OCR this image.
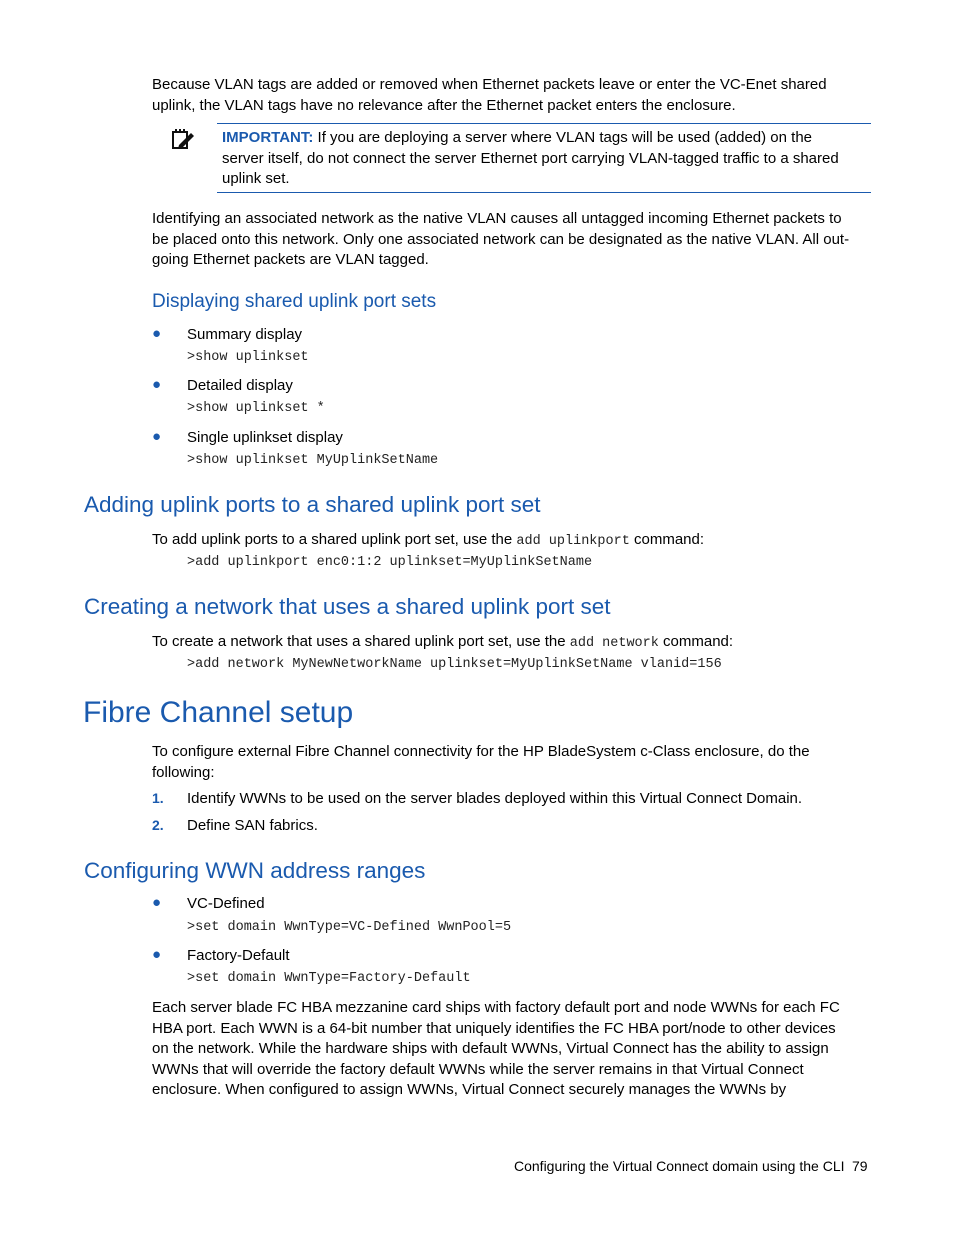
Because VLAN tags are added or removed when Ethernet packets leave or enter the VC-Enet shared
uplink, the VLAN tags have no relevance after the Ethernet packet enters the enclosure.
IMPORTANT: If you are deploying a server where VLAN tags will be used (added) on the
server itself, do not connect the server Ethernet port carrying VLAN-tagged traffic to a shared
uplink set.
Identifying an associated network as the native VLAN causes all untagged incoming Ethernet packets to
be placed onto this network. Only one associated network can be designated as the native VLAN. All out-
going Ethernet packets are VLAN tagged.
Displaying shared uplink port sets
● Summary display
>show uplinkset
● Detailed display
>show uplinkset *
● Single uplinkset display
>show uplinkset MyUplinkSetName
Adding uplink ports to a shared uplink port set
To add uplink ports to a shared uplink port set, use the add uplinkport command:
>add uplinkport enc0:1:2 uplinkset=MyUplinkSetName
Creating a network that uses a shared uplink port set
To create a network that uses a shared uplink port set, use the add network command:
>add network MyNewNetworkName uplinkset=MyUplinkSetName vlanid=156
Fibre Channel setup
To configure external Fibre Channel connectivity for the HP BladeSystem c-Class enclosure, do the
following:
1. Identify WWNs to be used on the server blades deployed within this Virtual Connect Domain.
2. Define SAN fabrics.
Configuring WWN address ranges
● VC-Defined
>set domain WwnType=VC-Defined WwnPool=5
● Factory-Default
>set domain WwnType=Factory-Default
Each server blade FC HBA mezzanine card ships with factory default port and node WWNs for each FC
HBA port. Each WWN is a 64-bit number that uniquely identifies the FC HBA port/node to other devices
on the network. While the hardware ships with default WWNs, Virtual Connect has the ability to assign
WWNs that will override the factory default WWNs while the server remains in that Virtual Connect
enclosure. When configured to assign WWNs, Virtual Connect securely manages the WWNs by
Configuring the Virtual Connect domain using the CLI 79
